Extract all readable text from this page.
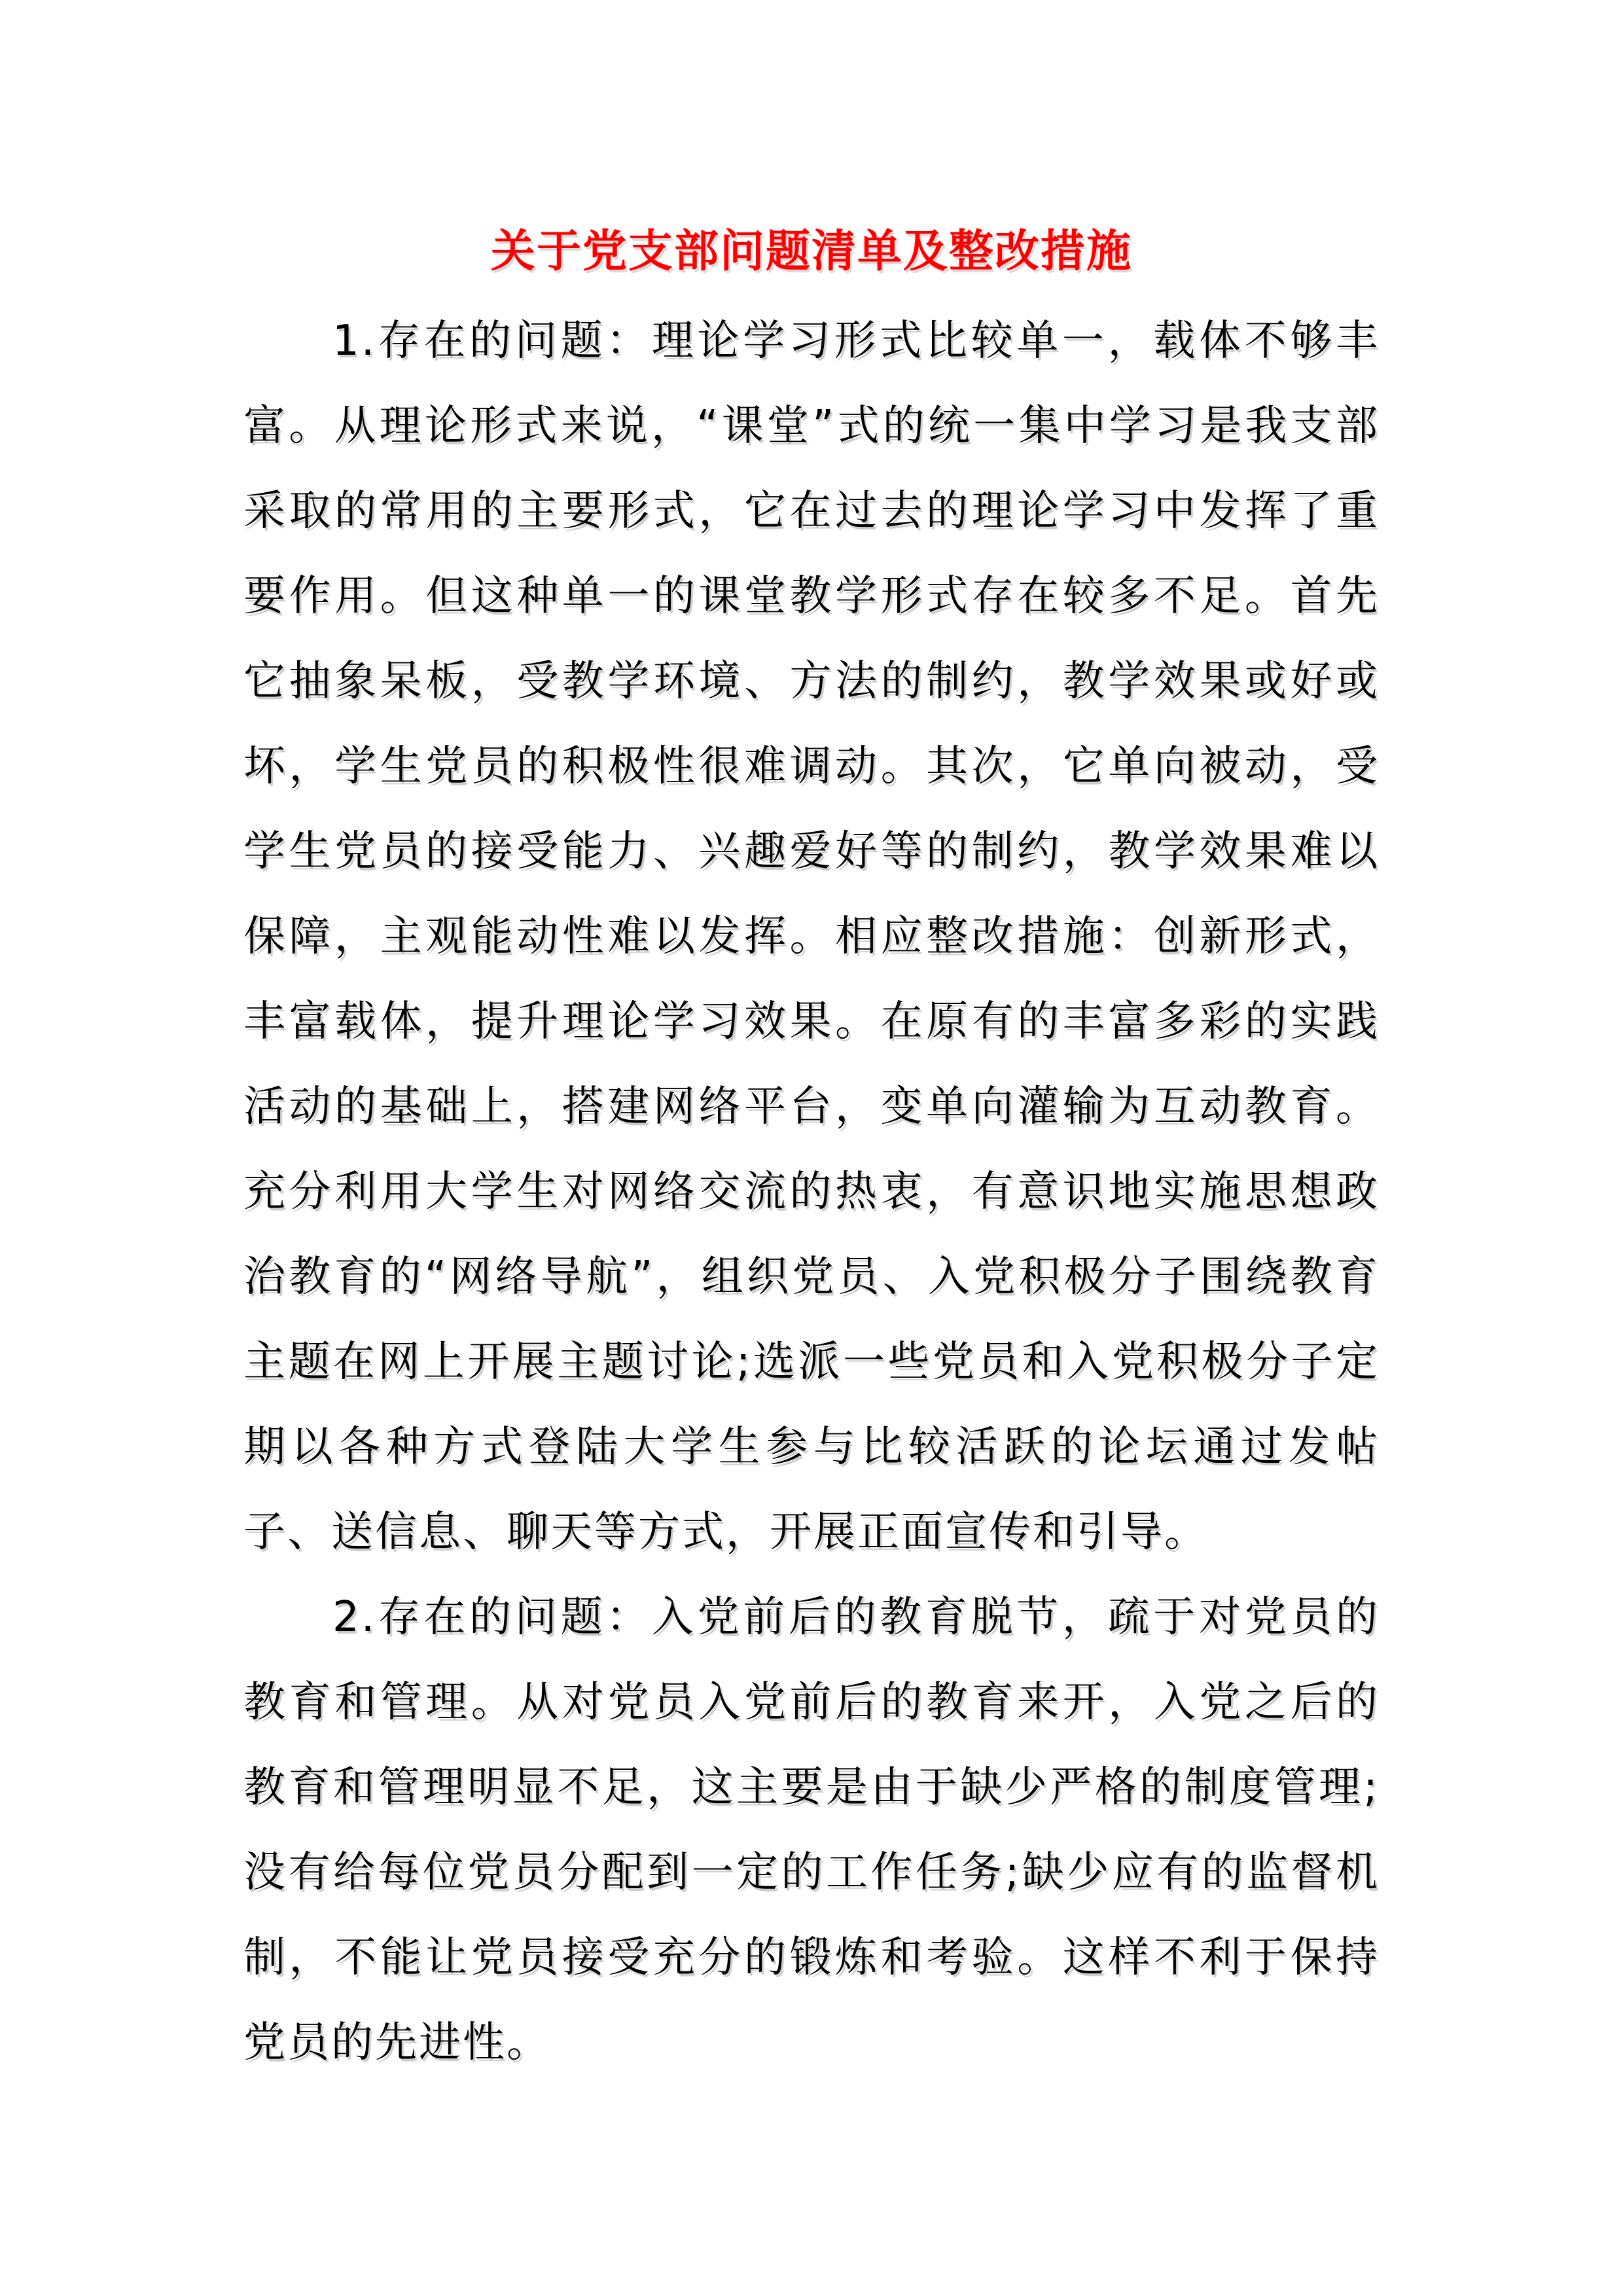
关于党支部问题清单及整改措施

1.存在的问题：理论学习形式比较单一，载体不够丰富。从理论形式来说，“课堂”式的统一集中学习是我支部采取的常用的主要形式，它在过去的理论学习中发挥了重要作用。但这种单一的课堂教学形式存在较多不足。首先它抽象呆板，受教学环境、方法的制约，教学效果或好或坏，学生党员的积极性很难调动。其次，它单向被动，受学生党员的接受能力、兴趣爱好等的制约，教学效果难以保障，主观能动性难以发挥。相应整改措施：创新形式，丰富载体，提升理论学习效果。在原有的丰富多彩的实践活动的基础上，搭建网络平台，变单向灌输为互动教育。充分利用大学生对网络交流的热衷，有意识地实施思想政治教育的“网络导航”，组织党员、入党积极分子围绕教育主题在网上开展主题讨论;选派一些党员和入党积极分子定期以各种方式登陆大学生参与比较活跃的论坛通过发帖子、送信息、聊天等方式，开展正面宣传和引导。

2.存在的问题：入党前后的教育脱节，疏于对党员的教育和管理。从对党员入党前后的教育来开，入党之后的教育和管理明显不足，这主要是由于缺少严格的制度管理;没有给每位党员分配到一定的工作任务;缺少应有的监督机制，不能让党员接受充分的锻炼和考验。这样不利于保持党员的先进性。
